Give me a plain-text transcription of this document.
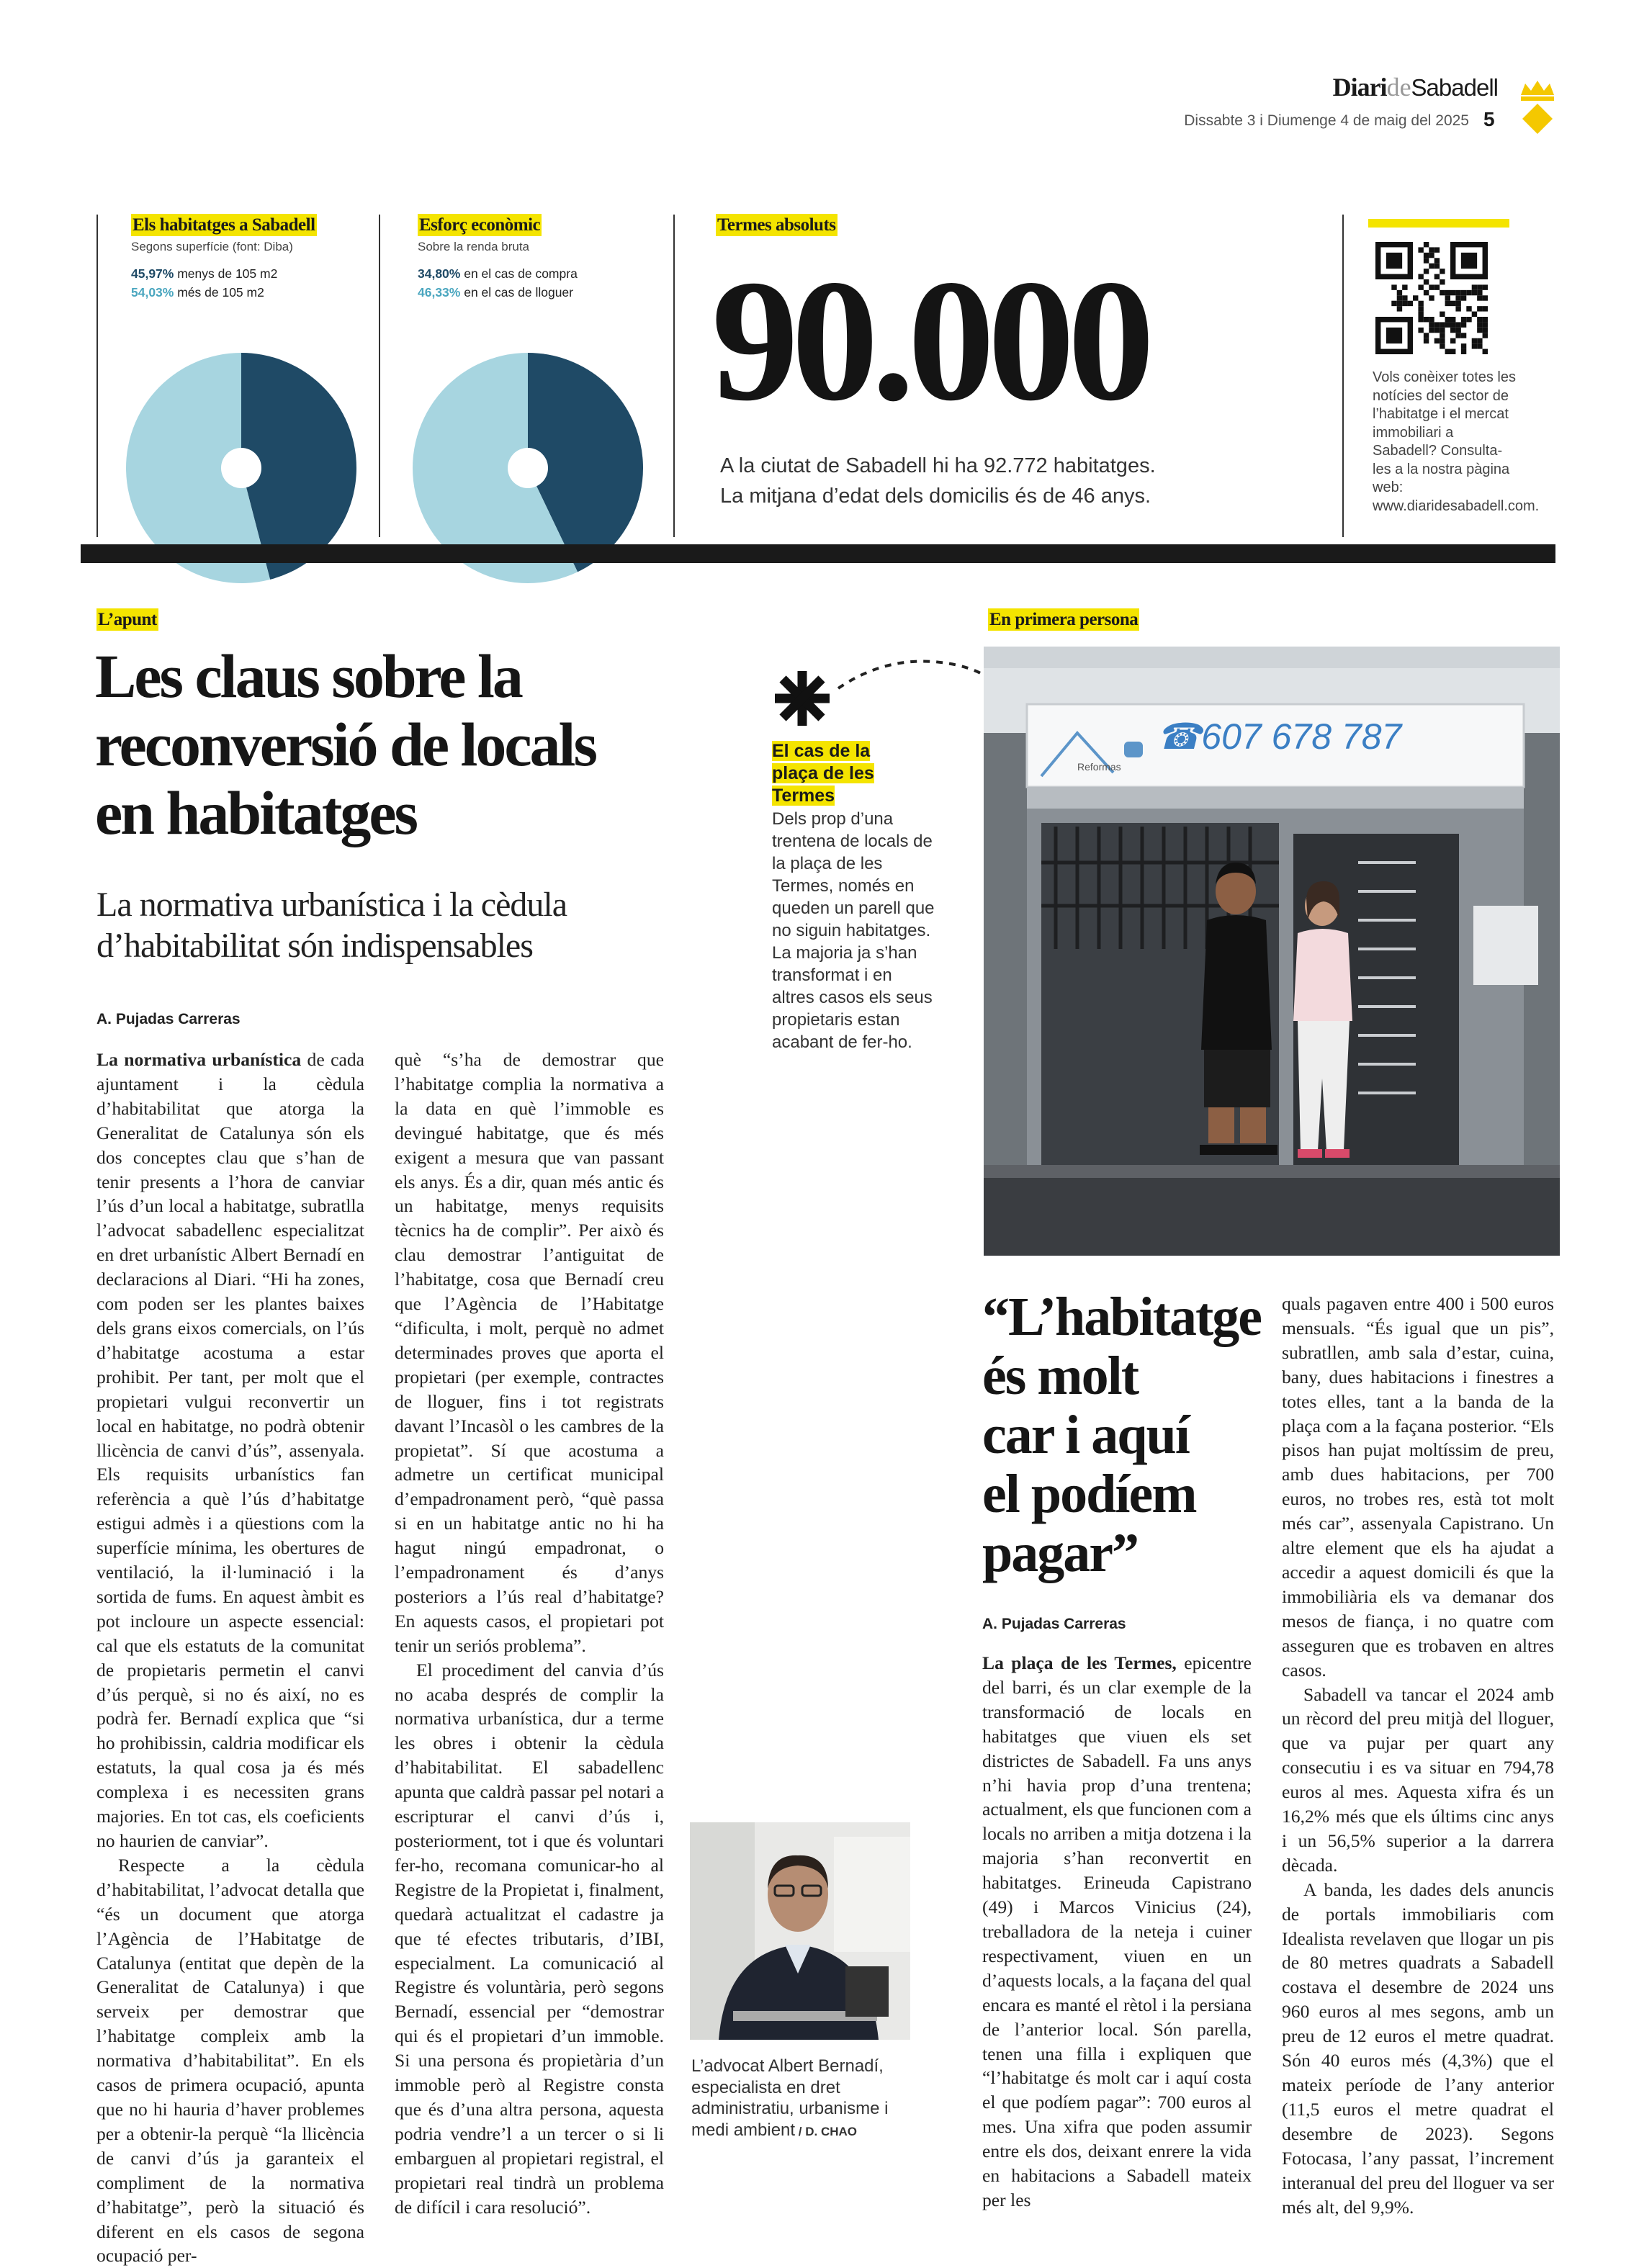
DiarideSabadell
Dissabte 3 i Diumenge 4 de maig del 2025 5
Els habitatges a Sabadell
Segons superfície (font: Diba)
45,97% menys de 105 m2
54,03% més de 105 m2
Esforç econòmic
Sobre la renda bruta
34,80% en el cas de compra
46,33% en el cas de lloguer
Termes absoluts
90.000
A la ciutat de Sabadell hi ha 92.772 habitatges.
La mitjana d’edat dels domicilis és de 46 anys.
Vols conèixer totes les notícies del sector de l’habitatge i el mercat immobiliari a Sabadell? Consulta-les a la nostra pàgina web: www.diaridesabadell.com.
L’apunt
Les claus sobre la
reconversió de locals
en habitatges
La normativa urbanística i la cèdula
d’habitabilitat són indispensables
A. Pujadas Carreras

La normativa urbanística de cada ajuntament i la cèdula d’habitabilitat que atorga la Generalitat de Catalunya són els dos conceptes clau que s’han de tenir presents a l’hora de canviar l’ús d’un local a habitatge, subratlla l’advocat sabadellenc especialitzat en dret urbanístic Albert Bernadí en declaracions al Diari. “Hi ha zones, com poden ser les plantes baixes dels grans eixos comercials, on l’ús d’habitatge acostuma a estar prohibit. Per tant, per molt que el propietari vulgui reconvertir un local en habitatge, no podrà obtenir llicència de canvi d’ús”, assenyala. Els requisits urbanístics fan referència a què l’ús d’habitatge estigui admès i a qüestions com la superfície mínima, les obertures de ventilació, la il·luminació i la sortida de fums. En aquest àmbit es pot incloure un aspecte essencial: cal que els estatuts de la comunitat de propietaris permetin el canvi d’ús perquè, si no és així, no es podrà fer. Bernadí explica que “si ho prohibissin, caldria modificar els estatuts, la qual cosa ja és més complexa i es necessiten grans majories. En tot cas, els coeficients no haurien de canviar”.

Respecte a la cèdula d’habitabilitat, l’advocat detalla que “és un document que atorga l’Agència de l’Habitatge de Catalunya (entitat que depèn de la Generalitat de Catalunya) i que serveix per demostrar que l’habitatge compleix amb la normativa d’habitabilitat”. En els casos de primera ocupació, apunta que no hi hauria d’haver problemes per a obtenir-la perquè “la llicència de canvi d’ús ja garanteix el compliment de la normativa d’habitatge”, però la situació és diferent en els casos de segona ocupació per-

què “s’ha de demostrar que l’habitatge complia la normativa a la data en què l’immoble es devingué habitatge, que és més exigent a mesura que van passant els anys. És a dir, quan més antic és un habitatge, menys requisits tècnics ha de complir”. Per això és clau demostrar l’antiguitat de l’habitatge, cosa que Bernadí creu que l’Agència de l’Habitatge “dificulta, i molt, perquè no admet determinades proves que aporta el propietari (per exemple, contractes de lloguer, fins i tot registrats davant l’Incasòl o les cambres de la propietat”. Sí que acostuma a admetre un certificat municipal d’empadronament però, “què passa si en un habitatge antic no hi ha hagut ningú empadronat, o l’empadronament és d’anys posteriors a l’ús real d’habitatge? En aquests casos, el propietari pot tenir un seriós problema”.

El procediment del canvia d’ús no acaba després de complir la normativa urbanística, dur a terme les obres i obtenir la cèdula d’habitabilitat. El sabadellenc apunta que caldrà passar pel notari a escripturar el canvi d’ús i, posteriorment, tot i que és voluntari fer-ho, recomana comunicar-ho al Registre de la Propietat i, finalment, quedarà actualitzat el cadastre ja que té efectes tributaris, d’IBI, especialment. La comunicació al Registre és voluntària, però segons Bernadí, essencial per “demostrar qui és el propietari d’un immoble. Si una persona és propietària d’un immoble però al Registre consta que és d’una altra persona, aquesta podria vendre’l a un tercer o si li embarguen al propietari registral, el propietari real tindrà un problema de difícil i cara resolució”.

L’advocat Albert Bernadí, especialista en dret administratiu, urbanisme i medi ambient / D. CHAO
El cas de la
plaça de les
Termes
Dels prop d’una trentena de locals de la plaça de les Termes, només en queden un parell que no siguin habitatges. La majoria ja s’han transformat i en altres casos els seus propietaris estan acabant de fer-ho.
En primera persona
☎607 678 787
Reformas
“L’habitatge
és molt
car i aquí
el podíem
pagar”
A. Pujadas Carreras

La plaça de les Termes, epicentre del barri, és un clar exemple de la transformació de locals en habitatges que viuen els set districtes de Sabadell. Fa uns anys n’hi havia prop d’una trentena; actualment, els que funcionen com a locals no arriben a mitja dotzena i la majoria s’han reconvertit en habitatges. Erineuda Capistrano (49) i Marcos Vinicius (24), treballadora de la neteja i cuiner respectivament, viuen en un d’aquests locals, a la façana del qual encara es manté el rètol i la persiana de l’anterior local. Són parella, tenen una filla i expliquen que “l’habitatge és molt car i aquí costa el que podíem pagar”: 700 euros al mes. Una xifra que poden assumir entre els dos, deixant enrere la vida en habitacions a Sabadell mateix per les

quals pagaven entre 400 i 500 euros mensuals. “És igual que un pis”, subratllen, amb sala d’estar, cuina, bany, dues habitacions i finestres a totes elles, tant a la banda de la plaça com a la façana posterior. “Els pisos han pujat moltíssim de preu, amb dues habitacions, per 700 euros, no trobes res, està tot molt més car”, assenyala Capistrano. Un altre element que els ha ajudat a accedir a aquest domicili és que la immobiliària els va demanar dos mesos de fiança, i no quatre com asseguren que es trobaven en altres casos.

Sabadell va tancar el 2024 amb un rècord del preu mitjà del lloguer, que va pujar per quart any consecutiu i es va situar en 794,78 euros al mes. Aquesta xifra és un 16,2% més que els últims cinc anys i un 56,5% superior a la darrera dècada.

A banda, les dades dels anuncis de portals immobiliaris com Idealista revelaven que llogar un pis de 80 metres quadrats a Sabadell costava el desembre de 2024 uns 960 euros al mes segons, amb un preu de 12 euros el metre quadrat. Són 40 euros més (4,3%) que el mateix període de l’any anterior (11,5 euros el metre quadrat el desembre de 2023). Segons Fotocasa, l’any passat, l’increment interanual del preu del lloguer va ser més alt, del 9,9%.
